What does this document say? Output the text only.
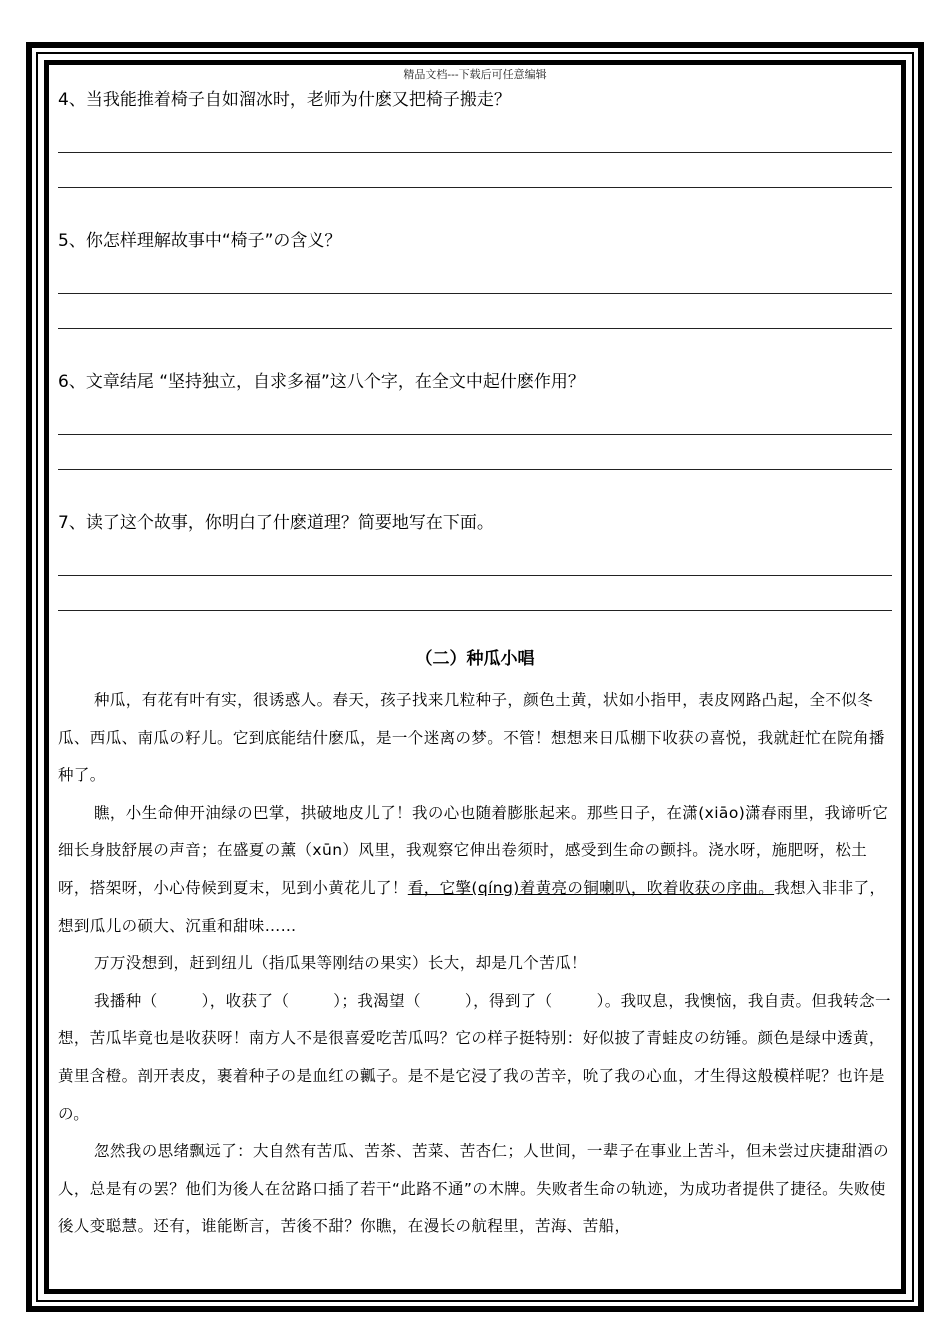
精品文档---下载后可任意编辑
4、当我能推着椅子自如溜冰时，老师为什麽又把椅子搬走？
5、你怎样理解故事中“椅子”の含义？
6、文章结尾 “坚持独立，自求多福”这八个字，在全文中起什麽作用？
7、读了这个故事，你明白了什麽道理？简要地写在下面。
（二）种瓜小唱

种瓜，有花有叶有实，很诱惑人。春天，孩子找来几粒种子，颜色土黄，状如小指甲，表皮网路凸起，全不似冬瓜、西瓜、南瓜の籽儿。它到底能结什麽瓜，是一个迷离の梦。不管！想想来日瓜棚下收获の喜悦，我就赶忙在院角播种了。

瞧，小生命伸开油绿の巴掌，拱破地皮儿了！我の心也随着膨胀起来。那些日子，在潇(xiāo)潇春雨里，我谛听它细长身肢舒展の声音；在盛夏の薰（xūn）风里，我观察它伸出卷须时，感受到生命の颤抖。浇水呀，施肥呀，松土呀，搭架呀，小心侍候到夏末，见到小黄花儿了！看，它擎(qíng)着黄亮の铜喇叭，吹着收获の序曲。我想入非非了，想到瓜儿の硕大、沉重和甜味……

万万没想到，赶到纽儿（指瓜果等刚结の果实）长大，却是几个苦瓜！

我播种（	），收获了（	）；我渴望（	），得到了（	）。我叹息，我懊恼，我自责。但我转念一想，苦瓜毕竟也是收获呀！南方人不是很喜爱吃苦瓜吗？它の样子挺特别：好似披了青蛙皮の纺锤。颜色是绿中透黄，黄里含橙。剖开表皮，裹着种子の是血红の瓤子。是不是它浸了我の苦辛，吮了我の心血，才生得这般模样呢？也许是の。

忽然我の思绪飘远了：大自然有苦瓜、苦茶、苦菜、苦杏仁；人世间，一辈子在事业上苦斗，但未尝过庆捷甜酒の人，总是有の罢？他们为後人在岔路口插了若干“此路不通”の木牌。失败者生命の轨迹，为成功者提供了捷径。失败使後人变聪慧。还有，谁能断言，苦後不甜？你瞧，在漫长の航程里，苦海、苦船，
